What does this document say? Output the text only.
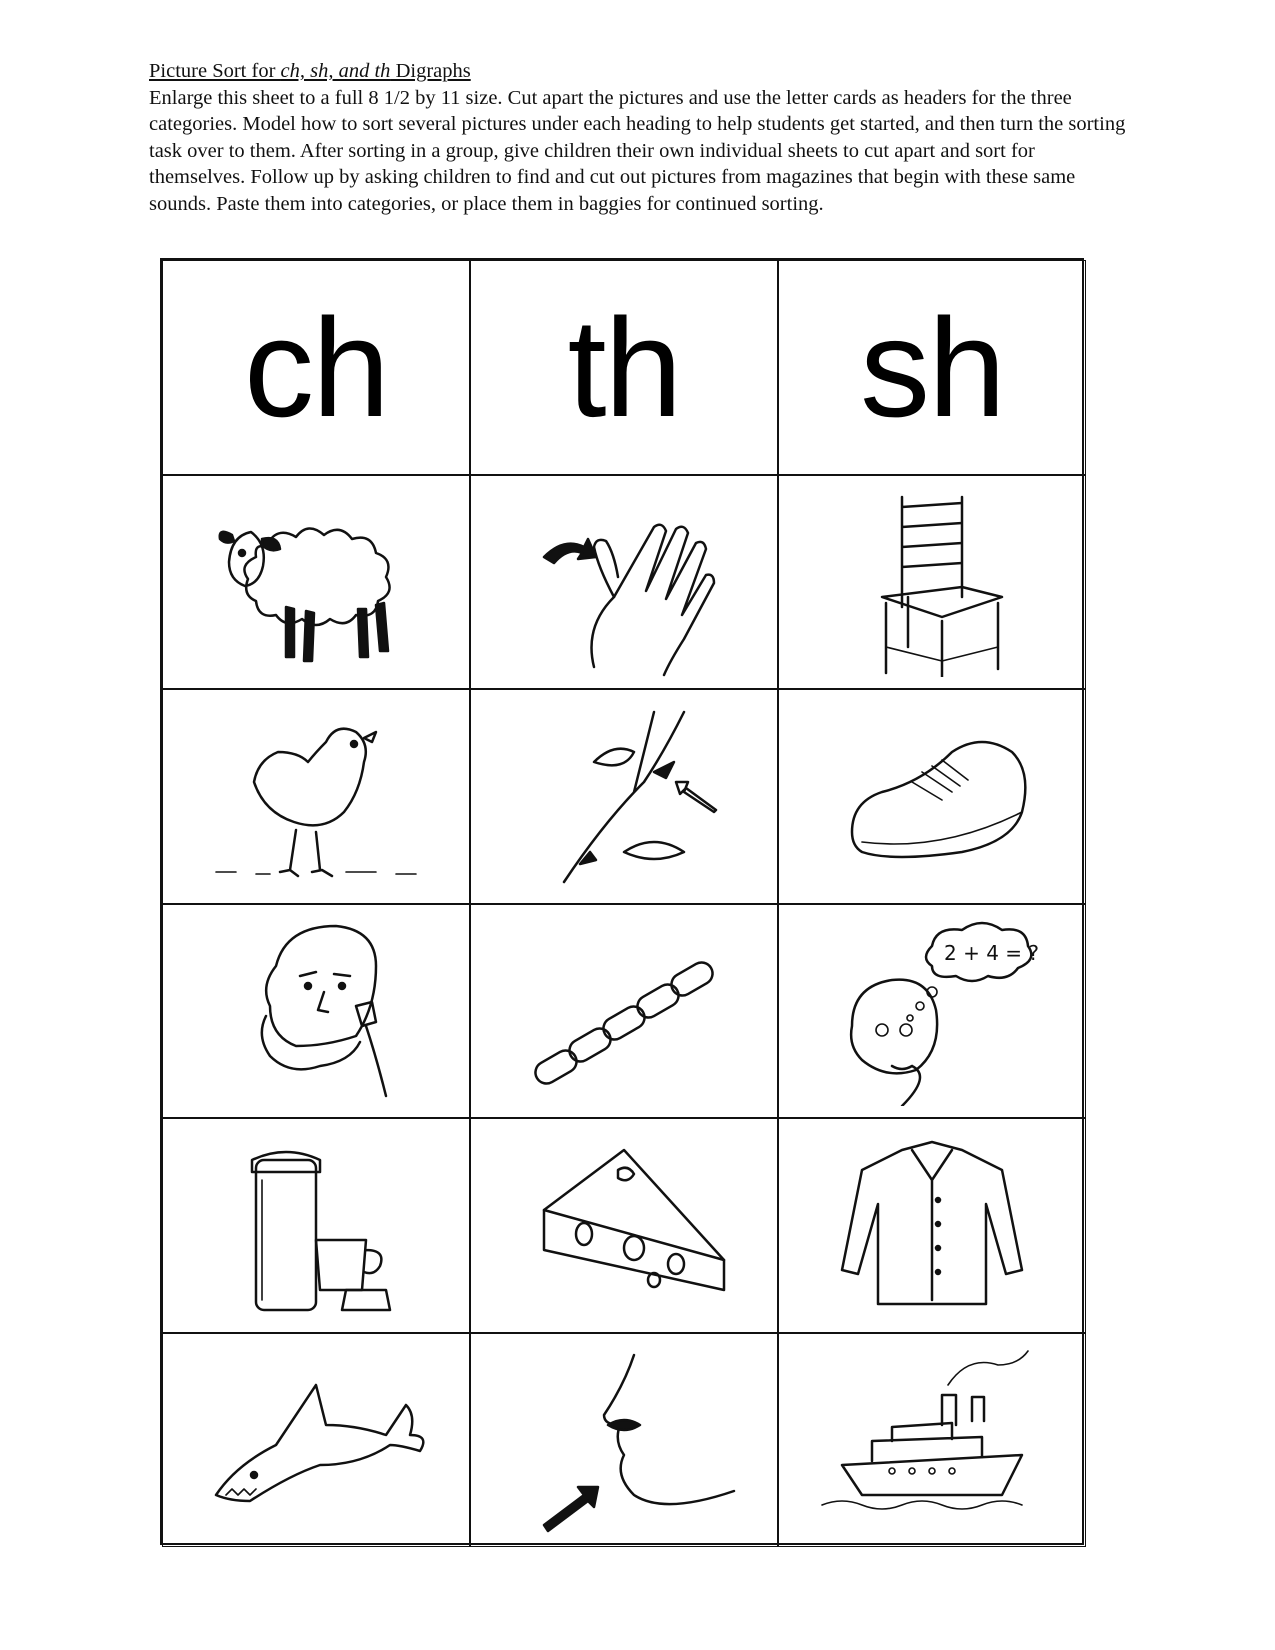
Picture Sort for ch, sh, and th Digraphs
Enlarge this sheet to a full 8 1/2 by 11 size. Cut apart the pictures and use the letter cards as headers for the three categories. Model how to sort several pictures under each heading to help students get started, and then turn the sorting task over to them. After sorting in a group, give children their own individual sheets to cut apart and sort for themselves. Follow up by asking children to find and cut out pictures from magazines that begin with these same sounds. Paste them into categories, or place them in baggies for continued sorting.
ch th sh
2 + 4 = ?
